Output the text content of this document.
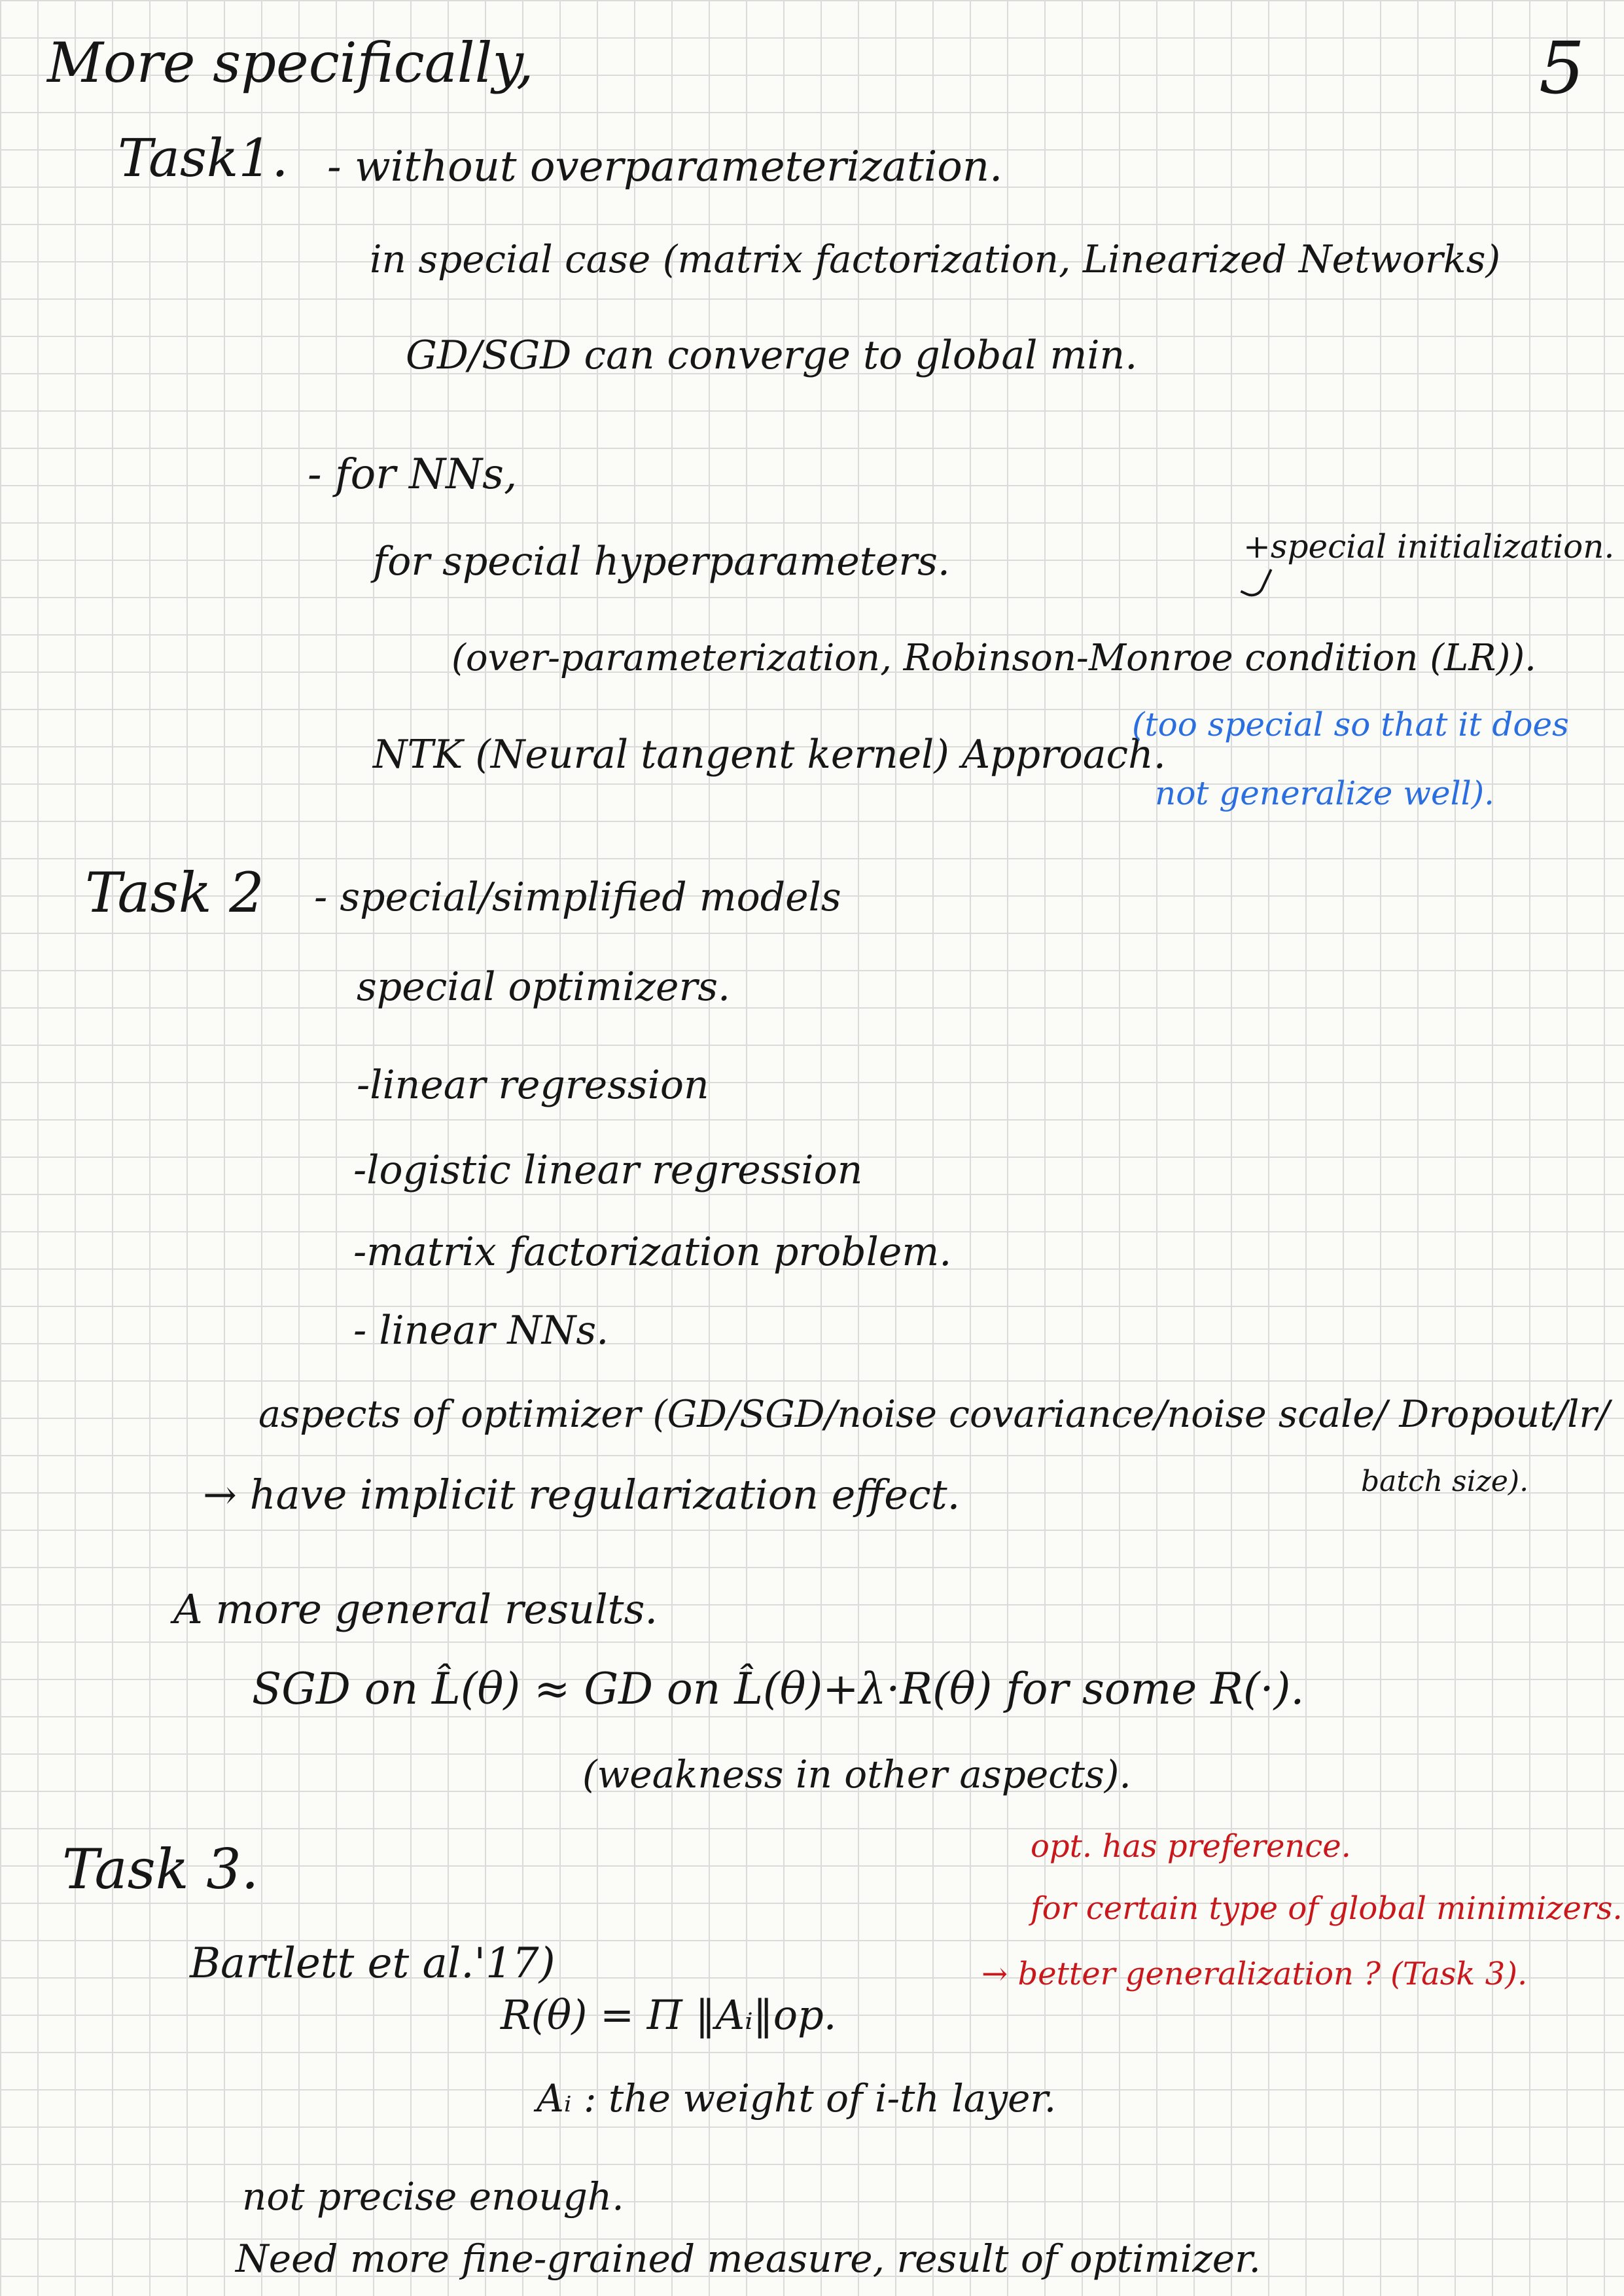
5
More specifically,
Task1. - without overparameterization.
in special case (matrix factorization, Linearized Networks)
GD/SGD can converge to global min.
- for NNs,
for special hyperparameters.	+special initialization.
(over-parameterization, Robinson-Monroe condition (LR)).
NTK (Neural tangent kernel) Approach.
(too special so that it does
not generalize well).
Task 2 - special/simplified models
special optimizers.
-linear regression
-logistic linear regression
-matrix factorization problem.
- linear NNs.
aspects of optimizer (GD/SGD/noise covariance/noise scale/ Dropout/lr/
batch size).
→ have implicit regularization effect.
A more general results.
SGD on L̂(θ) ≈ GD on L̂(θ)+λ·R(θ) for some R(·).
(weakness in other aspects).
Task 3.	opt. has preference.
for certain type of global minimizers.
→ better generalization ? (Task 3).
Bartlett et al.'17)
R(θ) = Π ‖Aᵢ‖op.
Aᵢ : the weight of i-th layer.
not precise enough.
Need more fine-grained measure, result of optimizer.
